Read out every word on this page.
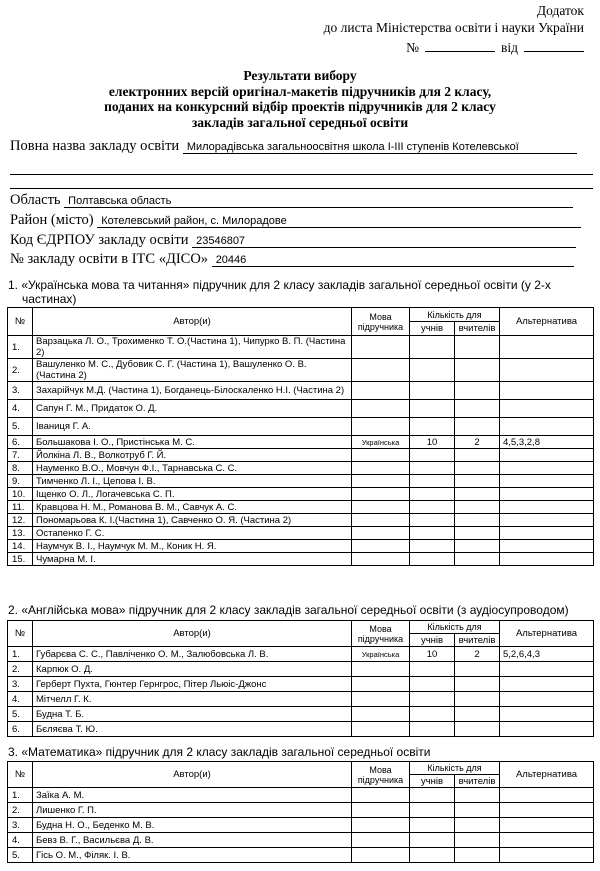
Додаток
до листа Міністерства освіти і науки України
№	від
Результати вибору
електронних версій оригінал-макетів підручників для 2 класу,
поданих на конкурсний відбір проектів підручників для 2 класу
закладів загальної середньої освіти
Повна назва закладу освіти Милорадівська загальноосвітня школа І-ІІІ ступенів Котелевської
Область Полтавська область
Район (місто) Котелевський район, с. Милорадове
Код ЄДРПОУ закладу освіти 23546807
№ закладу освіти в ІТС «ДІСО» 20446
1. «Українська мова та читання» підручник для 2 класу закладів загальної середньої освіти (у 2-х
частинах)
№	Автор(и)	Мова підручника	Кількість для		Альтернатива
			учнів	вчителів	
1.	Варзацька Л. О., Трохименко Т. О.(Частина 1), Чипурко В. П. (Частина 2)				
2.	Вашуленко М. С., Дубовик С. Г. (Частина 1), Вашуленко О. В. (Частина 2)				
3.	Захарійчук М.Д. (Частина 1), Богданець-Білоскаленко Н.І. (Частина 2)				
4.	Сапун Г. М., Придаток О. Д.				
5.	Іваниця Г. А.				
6.	Большакова І. О., Пристінська М. С.	Українська	10	2	4,5,3,2,8
7.	Йолкіна Л. В., Волкотруб Г. Й.				
8.	Науменко В.О., Мовчун Ф.І., Тарнавська С. С.				
9.	Тимченко Л. І., Цепова І. В.				
10.	Іщенко О. Л., Логачевська С. П.				
11.	Кравцова Н. М., Романова В. М., Савчук А. С.				
12.	Пономарьова К. І.(Частина 1), Савченко О. Я. (Частина 2)				
13.	Остапенко Г. С.				
14.	Наумчук В. І., Наумчук М. М., Коник Н. Я.				
15.	Чумарна М. І.				
2. «Англійська мова» підручник для 2 класу закладів загальної середньої освіти (з аудіосупроводом)
№	Автор(и)	Мова підручника	Кількість для		Альтернатива
			учнів	вчителів	
1.	Губарєва С. С., Павліченко О. М., Залюбовська Л. В.	Українська	10	2	5,2,6,4,3
2.	Карпюк О. Д.				
3.	Герберт Пухта, Гюнтер Гернгрос, Пітер Льюіс-Джонс				
4.	Мітчелл Г. К.				
5.	Будна Т. Б.				
6.	Бєляєва Т. Ю.				
3. «Математика» підручник для 2 класу закладів загальної середньої освіти
№	Автор(и)	Мова підручника	Кількість для		Альтернатива
			учнів	вчителів	
1.	Заїка А. М.				
2.	Лишенко Г. П.				
3.	Будна Н. О., Беденко М. В.				
4.	Бевз В. Г., Васильєва Д. В.				
5.	Гісь О. М., Філяк. І. В.				
